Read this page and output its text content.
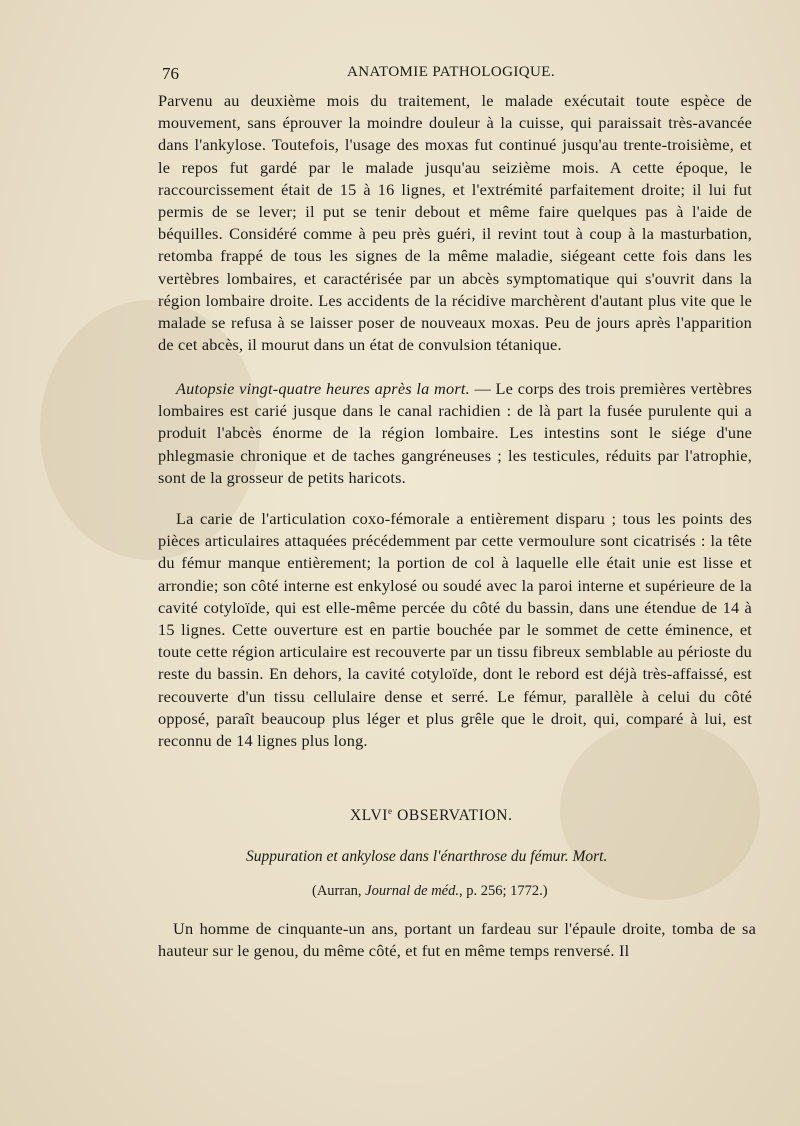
76	ANATOMIE PATHOLOGIQUE.
Parvenu au deuxième mois du traitement, le malade exécutait toute espèce de mouvement, sans éprouver la moindre douleur à la cuisse, qui paraissait très-avancée dans l'ankylose. Toutefois, l'usage des moxas fut continué jusqu'au trente-troisième, et le repos fut gardé par le malade jusqu'au seizième mois. A cette époque, le raccourcissement était de 15 à 16 lignes, et l'extrémité parfaitement droite; il lui fut permis de se lever; il put se tenir debout et même faire quelques pas à l'aide de béquilles. Considéré comme à peu près guéri, il revint tout à coup à la masturbation, retomba frappé de tous les signes de la même maladie, siégeant cette fois dans les vertèbres lombaires, et caractérisée par un abcès symptomatique qui s'ouvrit dans la région lombaire droite. Les accidents de la récidive marchèrent d'autant plus vite que le malade se refusa à se laisser poser de nouveaux moxas. Peu de jours après l'apparition de cet abcès, il mourut dans un état de convulsion tétanique.
Autopsie vingt-quatre heures après la mort. — Le corps des trois premières vertèbres lombaires est carié jusque dans le canal rachidien : de là part la fusée purulente qui a produit l'abcès énorme de la région lombaire. Les intestins sont le siége d'une phlegmasie chronique et de taches gangréneuses ; les testicules, réduits par l'atrophie, sont de la grosseur de petits haricots.
La carie de l'articulation coxo-fémorale a entièrement disparu ; tous les points des pièces articulaires attaquées précédemment par cette vermoulure sont cicatrisés : la tête du fémur manque entièrement; la portion de col à laquelle elle était unie est lisse et arrondie; son côté interne est enkylosé ou soudé avec la paroi interne et supérieure de la cavité cotyloïde, qui est elle-même percée du côté du bassin, dans une étendue de 14 à 15 lignes. Cette ouverture est en partie bouchée par le sommet de cette éminence, et toute cette région articulaire est recouverte par un tissu fibreux semblable au périoste du reste du bassin. En dehors, la cavité cotyloïde, dont le rebord est déjà très-affaissé, est recouverte d'un tissu cellulaire dense et serré. Le fémur, parallèle à celui du côté opposé, paraît beaucoup plus léger et plus grêle que le droit, qui, comparé à lui, est reconnu de 14 lignes plus long.
XLVIe OBSERVATION.
Suppuration et ankylose dans l'énarthrose du fémur. Mort.
(Aurran, Journal de méd., p. 256; 1772.)
Un homme de cinquante-un ans, portant un fardeau sur l'épaule droite, tomba de sa hauteur sur le genou, du même côté, et fut en même temps renversé. Il
